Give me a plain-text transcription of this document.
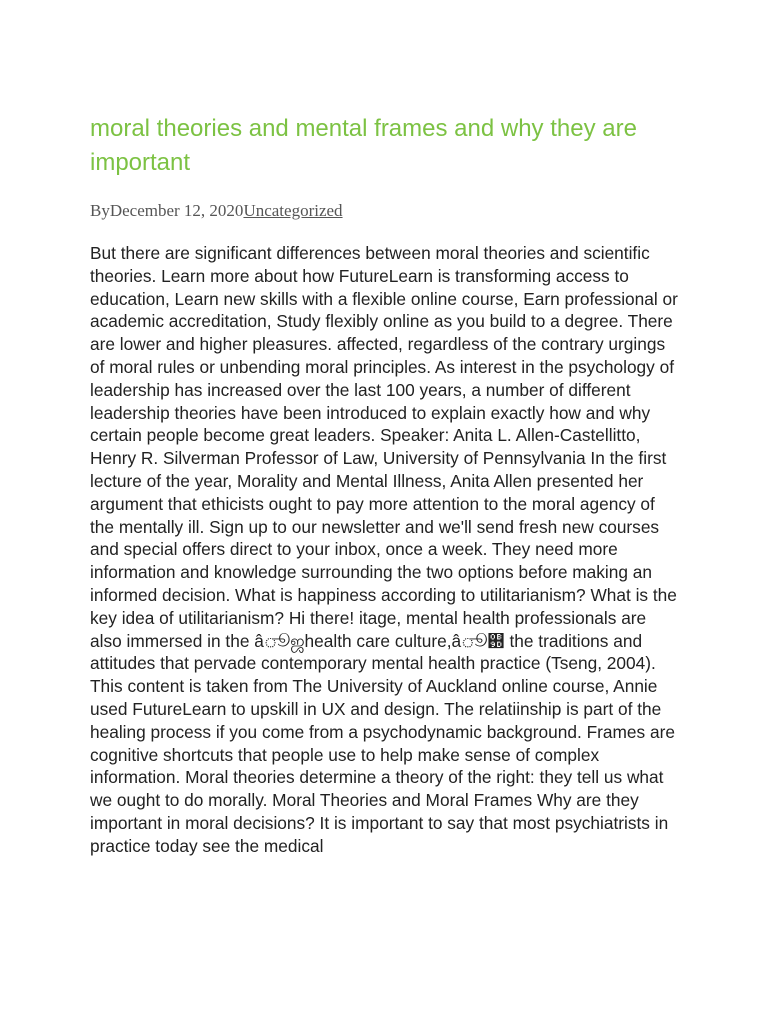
moral theories and mental frames and why they are important
ByDecember 12, 2020Uncategorized
But there are significant differences between moral theories and scientific theories. Learn more about how FutureLearn is transforming access to education, Learn new skills with a flexible online course, Earn professional or academic accreditation, Study flexibly online as you build to a degree. There are lower and higher pleasures. affected, regardless of the contrary urgings of moral rules or unbending moral principles. As interest in the psychology of leadership has increased over the last 100 years, a number of different leadership theories have been introduced to explain exactly how and why certain people become great leaders. Speaker: Anita L. Allen-Castellitto, Henry R. Silverman Professor of Law, University of Pennsylvania In the first lecture of the year, Morality and Mental Illness, Anita Allen presented her argument that ethicists ought to pay more attention to the moral agency of the mentally ill. Sign up to our newsletter and we'll send fresh new courses and special offers direct to your inbox, once a week. They need more information and knowledge surrounding the two options before making an informed decision. What is happiness according to utilitarianism? What is the key idea of utilitarianism? Hi there! itage, mental health professionals are also immersed in the âூஜhealth care culture,âூ஝ the traditions and attitudes that pervade contemporary mental health practice (Tseng, 2004). This content is taken from The University of Auckland online course, Annie used FutureLearn to upskill in UX and design. The relatiinship is part of the healing process if you come from a psychodynamic background. Frames are cognitive shortcuts that people use to help make sense of complex information. Moral theories determine a theory of the right: they tell us what we ought to do morally. Moral Theories and Moral Frames Why are they important in moral decisions? It is important to say that most psychiatrists in practice today see the medical
